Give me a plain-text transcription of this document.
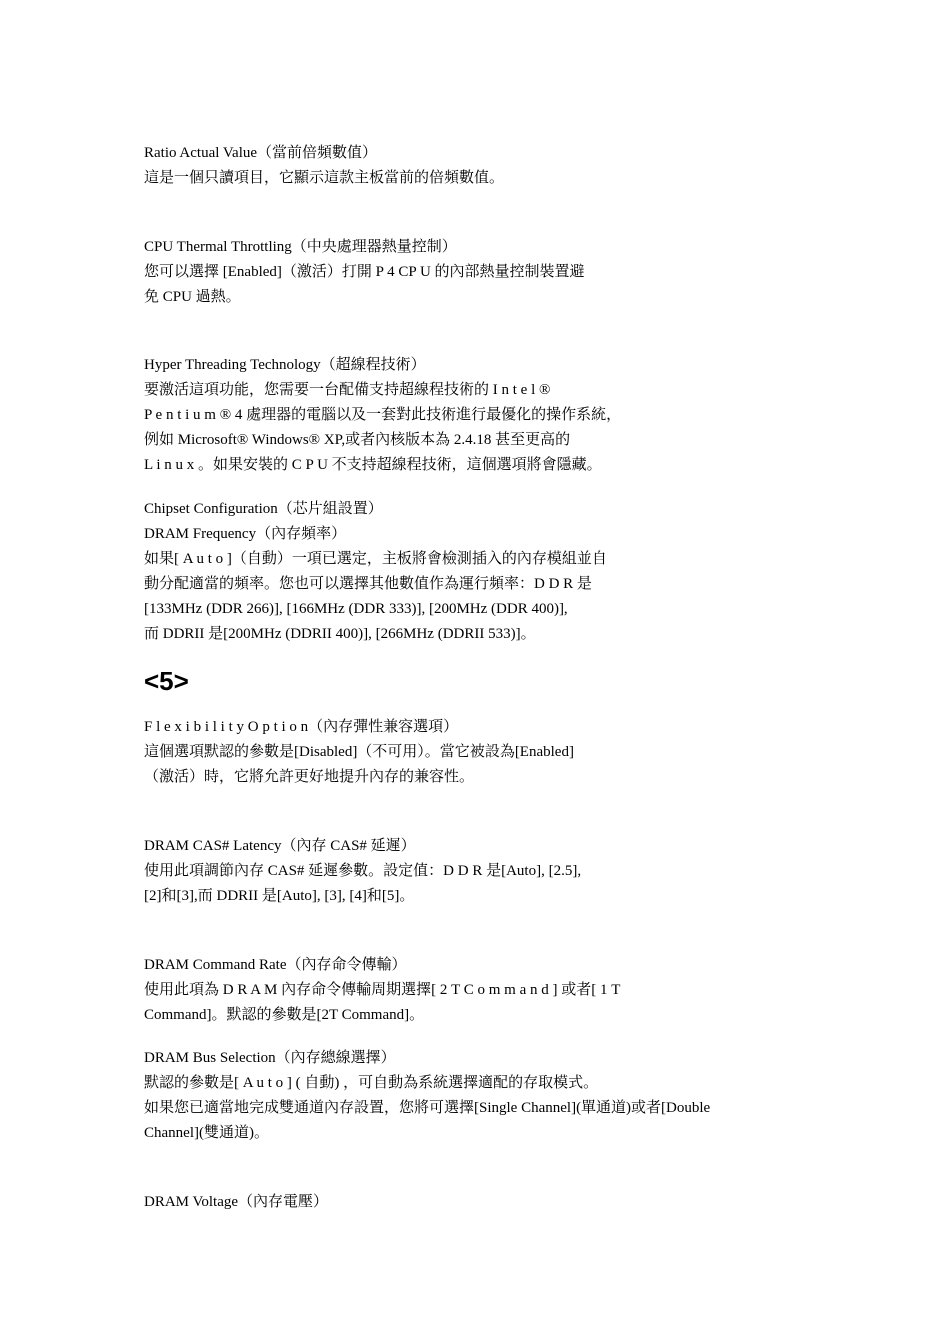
Ratio Actual Value（當前倍頻數值）
這是一個只讀項目，它顯示這款主板當前的倍頻數值。
CPU Thermal Throttling（中央處理器熱量控制）
您可以選擇 [Enabled]（激活）打開 P 4 CP U 的內部熱量控制裝置避
免 CPU 過熱。
Hyper Threading Technology（超線程技術）
要激活這項功能，您需要一台配備支持超線程技術的 I n t e l ®
P e n t i u m ® 4 處理器的電腦以及一套對此技術進行最優化的操作系統，
例如 Microsoft® Windows® XP,或者內核版本為 2.4.18 甚至更高的
L i n u x 。如果安裝的 C P U 不支持超線程技術，這個選項將會隱藏。
Chipset Configuration（芯片組設置）
DRAM Frequency（內存頻率）
如果[ A u t o ]（自動）一項已選定，主板將會檢測插入的內存模組並自
動分配適當的頻率。您也可以選擇其他數值作為運行頻率：D D R 是
[133MHz (DDR 266)], [166MHz (DDR 333)], [200MHz (DDR 400)],
而 DDRII 是[200MHz (DDRII 400)], [266MHz (DDRII 533)]。
<5>
F l e x i b i l i t y O p t i o n（內存彈性兼容選項）
這個選項默認的參數是[Disabled]（不可用）。當它被設為[Enabled]
（激活）時，它將允許更好地提升內存的兼容性。
DRAM CAS# Latency（內存 CAS# 延遲）
使用此項調節內存 CAS# 延遲參數。設定值：D D R 是[Auto], [2.5],
[2]和[3],而 DDRII 是[Auto], [3], [4]和[5]。
DRAM Command Rate（內存命令傳輸）
使用此項為 D R A M 內存命令傳輸周期選擇[ 2 T C o m m a n d ] 或者[ 1 T
Command]。默認的參數是[2T Command]。
DRAM Bus Selection（內存總線選擇）
默認的參數是[ A u t o ] ( 自動) ，可自動為系統選擇適配的存取模式。
如果您已適當地完成雙通道內存設置，您將可選擇[Single Channel](單通道)或者[Double
Channel](雙通道)。
DRAM Voltage（內存電壓）
